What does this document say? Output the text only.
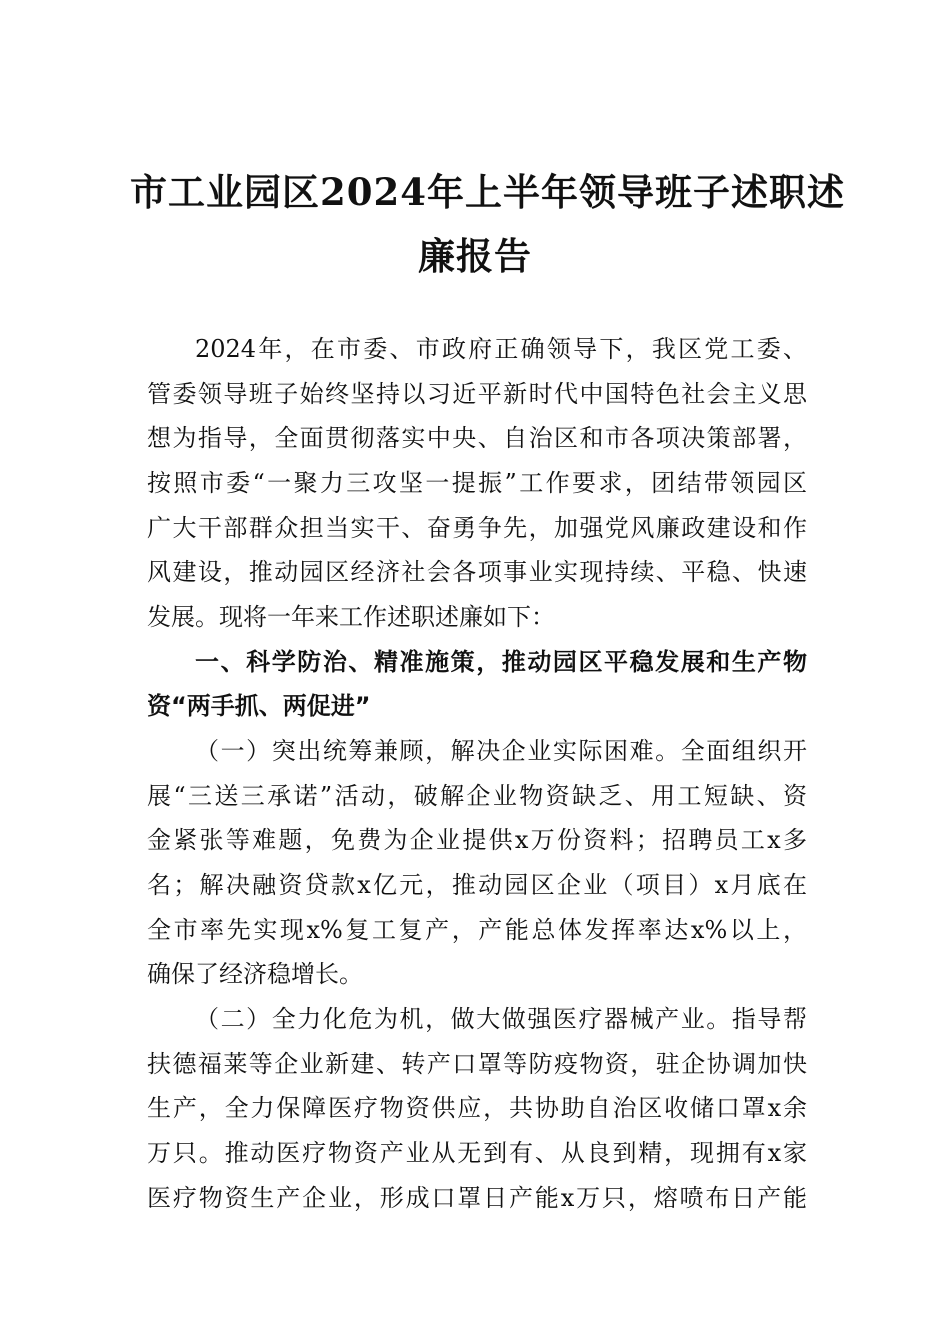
市工业园区2024年上半年领导班子述职述
廉报告
2024年，在市委、市政府正确领导下，我区党工委、
管委领导班子始终坚持以习近平新时代中国特色社会主义思
想为指导，全面贯彻落实中央、自治区和市各项决策部署，
按照市委“一聚力三攻坚一提振”工作要求，团结带领园区
广大干部群众担当实干、奋勇争先，加强党风廉政建设和作
风建设，推动园区经济社会各项事业实现持续、平稳、快速
发展。现将一年来工作述职述廉如下：
一、科学防治、精准施策，推动园区平稳发展和生产物
资“两手抓、两促进”
（一）突出统筹兼顾，解决企业实际困难。全面组织开
展“三送三承诺”活动，破解企业物资缺乏、用工短缺、资
金紧张等难题，免费为企业提供x万份资料；招聘员工x多
名；解决融资贷款x亿元，推动园区企业（项目）x月底在
全市率先实现x%复工复产，产能总体发挥率达x%以上，
确保了经济稳增长。
（二）全力化危为机，做大做强医疗器械产业。指导帮
扶德福莱等企业新建、转产口罩等防疫物资，驻企协调加快
生产，全力保障医疗物资供应，共协助自治区收储口罩x余
万只。推动医疗物资产业从无到有、从良到精，现拥有x家
医疗物资生产企业，形成口罩日产能x万只，熔喷布日产能
